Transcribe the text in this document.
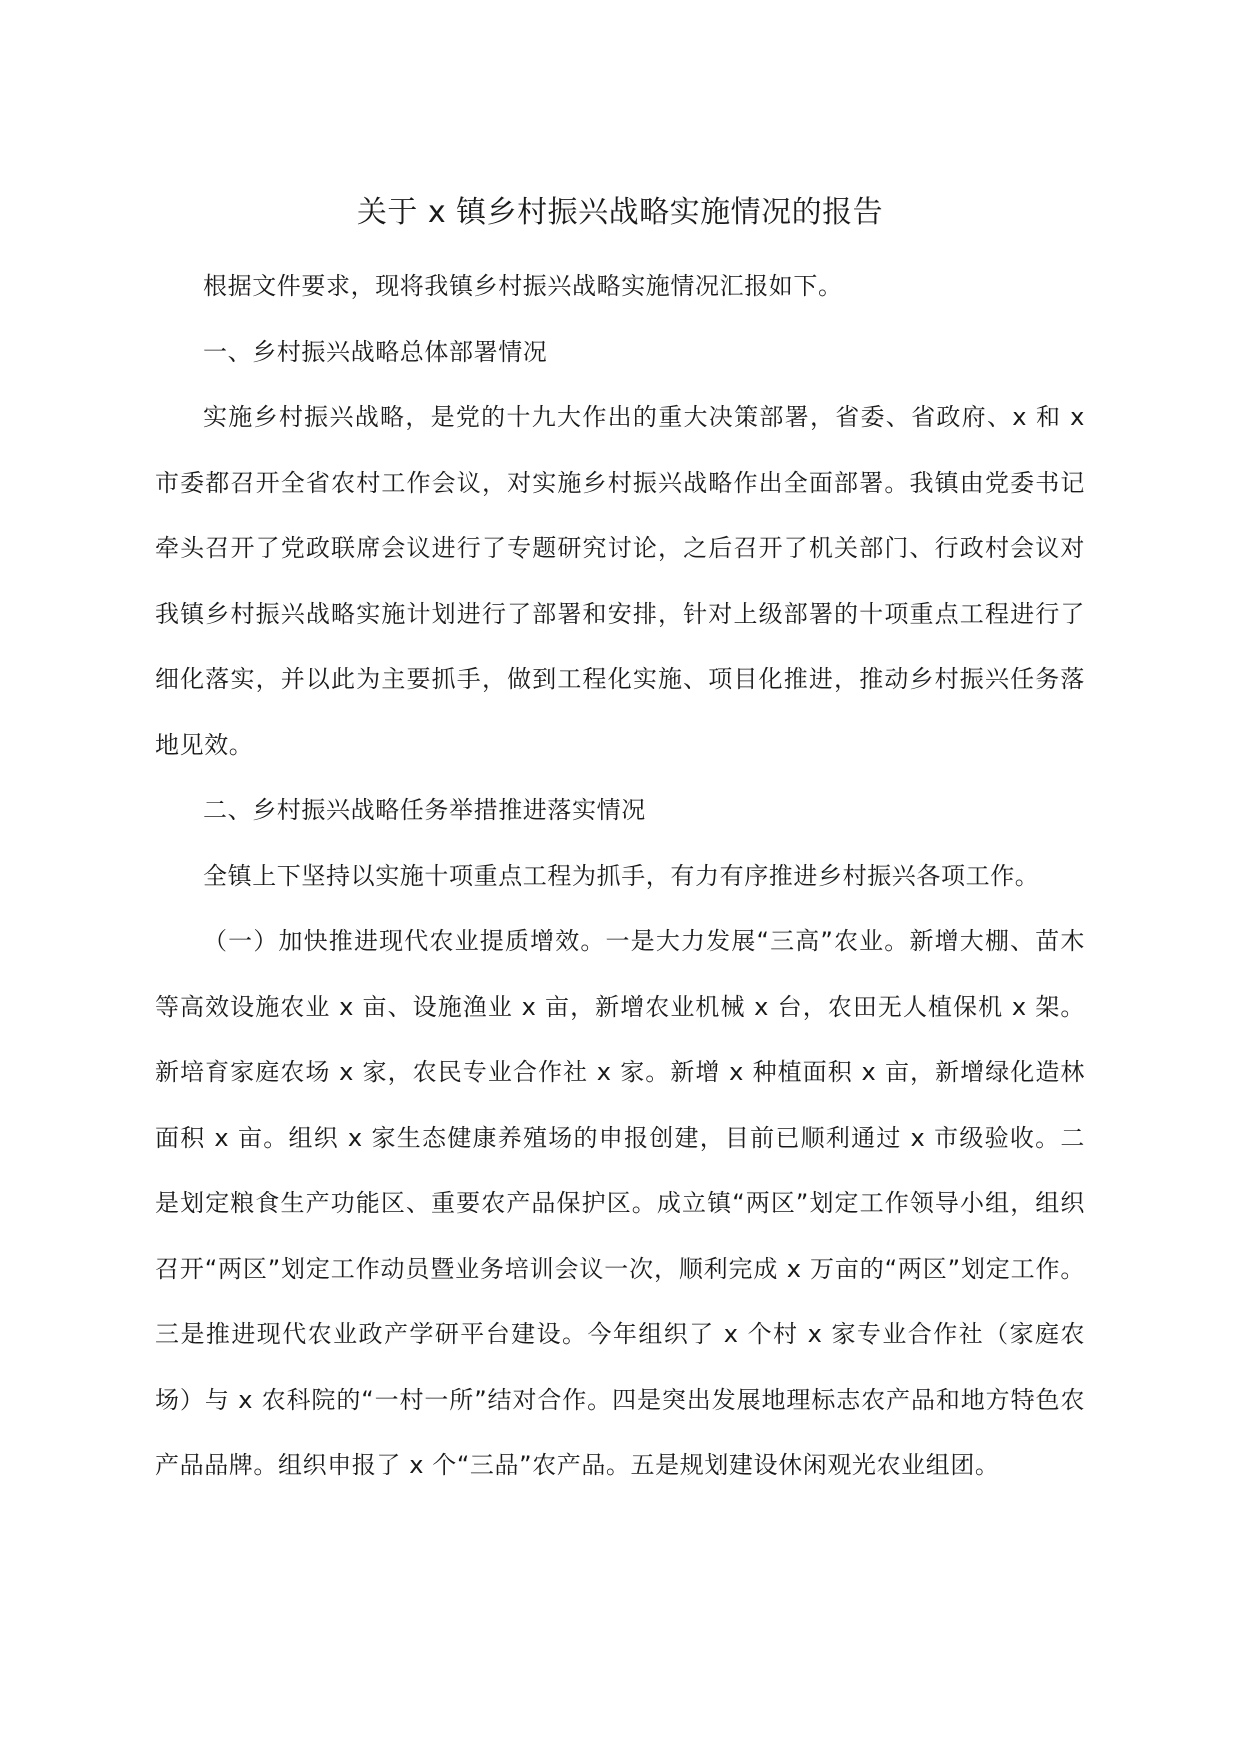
关于 x 镇乡村振兴战略实施情况的报告

根据文件要求，现将我镇乡村振兴战略实施情况汇报如下。

一、乡村振兴战略总体部署情况

实施乡村振兴战略，是党的十九大作出的重大决策部署，省委、省政府、x 和 x 市委都召开全省农村工作会议，对实施乡村振兴战略作出全面部署。我镇由党委书记牵头召开了党政联席会议进行了专题研究讨论，之后召开了机关部门、行政村会议对我镇乡村振兴战略实施计划进行了部署和安排，针对上级部署的十项重点工程进行了细化落实，并以此为主要抓手，做到工程化实施、项目化推进，推动乡村振兴任务落地见效。

二、乡村振兴战略任务举措推进落实情况

全镇上下坚持以实施十项重点工程为抓手，有力有序推进乡村振兴各项工作。

（一）加快推进现代农业提质增效。一是大力发展“三高”农业。新增大棚、苗木等高效设施农业 x 亩、设施渔业 x 亩，新增农业机械 x 台，农田无人植保机 x 架。新培育家庭农场 x 家，农民专业合作社 x 家。新增 x 种植面积 x 亩，新增绿化造林面积 x 亩。组织 x 家生态健康养殖场的申报创建，目前已顺利通过 x 市级验收。二是划定粮食生产功能区、重要农产品保护区。成立镇“两区”划定工作领导小组，组织召开“两区”划定工作动员暨业务培训会议一次，顺利完成 x 万亩的“两区”划定工作。三是推进现代农业政产学研平台建设。今年组织了 x 个村 x 家专业合作社（家庭农场）与 x 农科院的“一村一所”结对合作。四是突出发展地理标志农产品和地方特色农产品品牌。组织申报了 x 个“三品”农产品。五是规划建设休闲观光农业组团。
